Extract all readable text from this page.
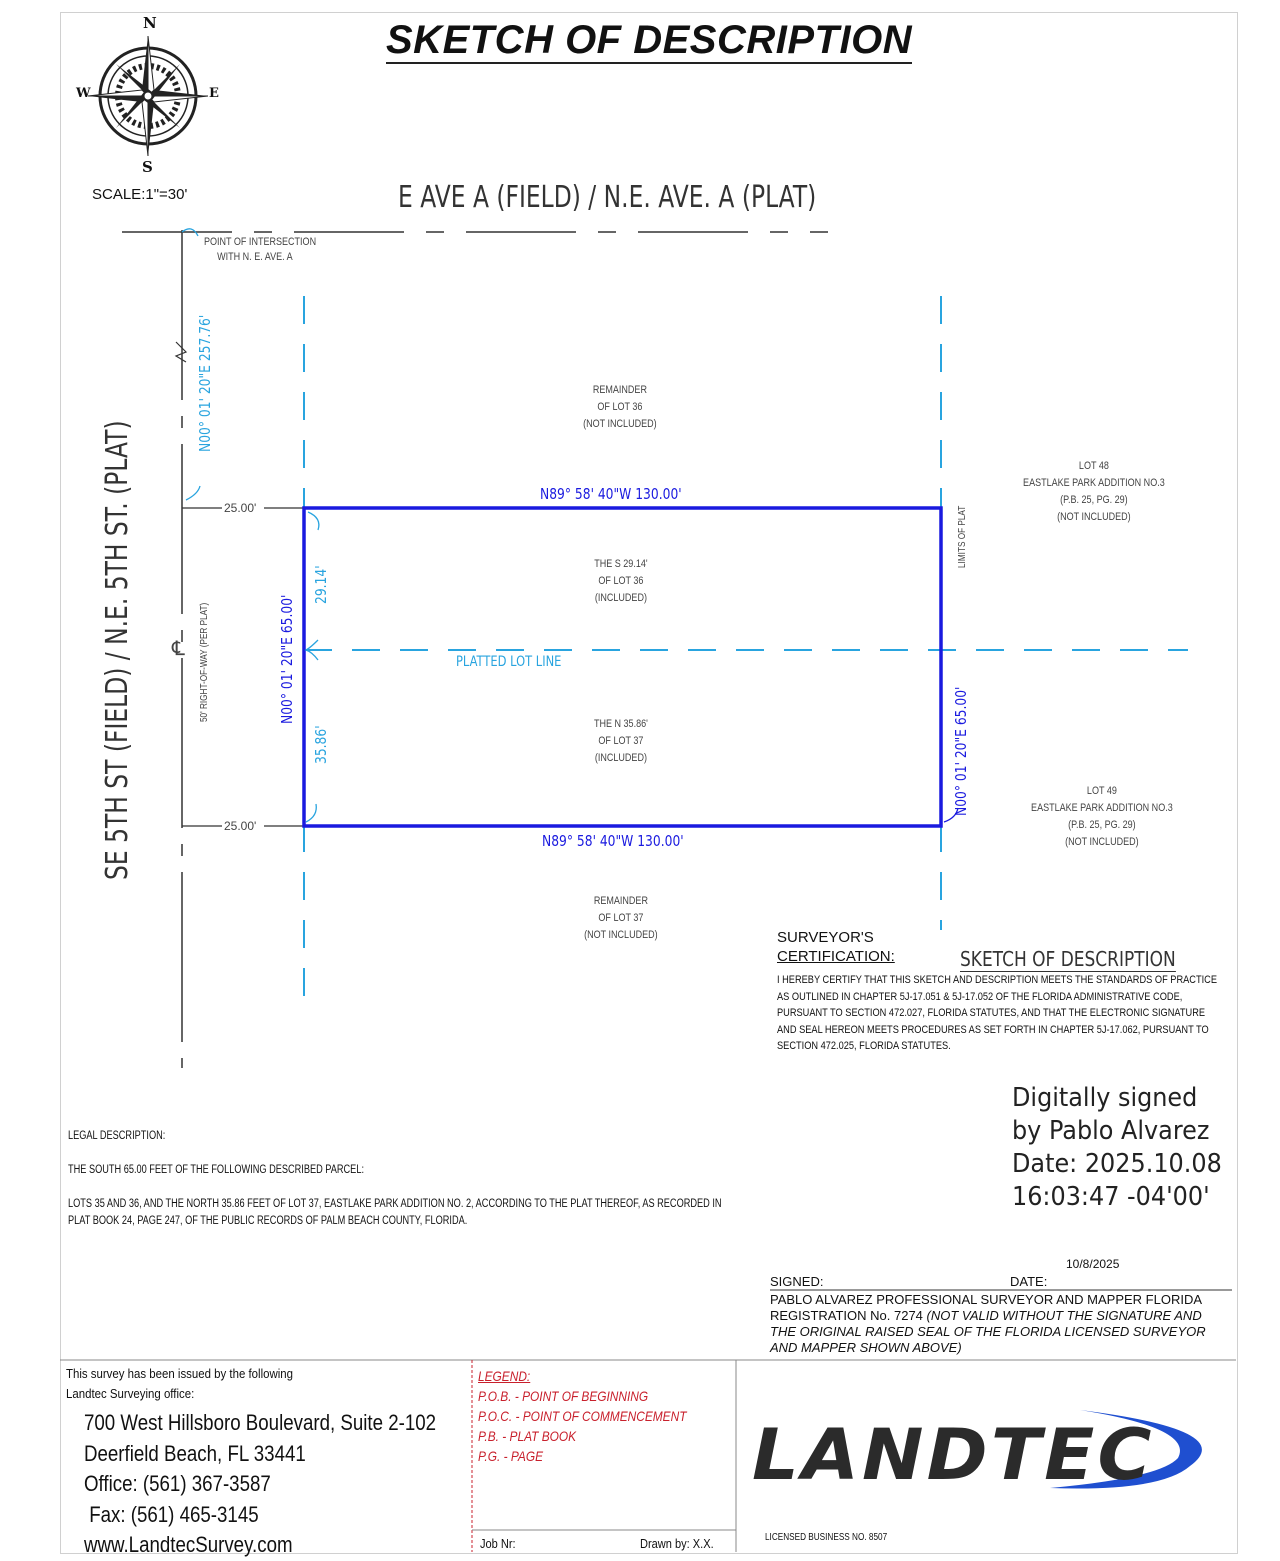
SKETCH OF DESCRIPTION
N
S
W	E
SCALE:1"=30'	E AVE A (FIELD) / N.E. AVE. A (PLAT)
SE 5TH ST (FIELD) / N.E. 5TH ST. (PLAT)
POINT OF INTERSECTION
WITH N. E. AVE. A
N00° 01' 20"E 257.76'
N89° 58' 40"W 130.00'
N89° 58' 40"W 130.00'
N00° 01' 20"E 65.00'
N00° 01' 20"E 65.00'
29.14'
35.86'
25.00'
25.00'
50' RIGHT-OF-WAY (PER PLAT)
LIMITS OF PLAT
PLATTED LOT LINE
℄
REMAINDER
OF LOT 36
(NOT INCLUDED)
THE S 29.14'
OF LOT 36
(INCLUDED)
THE N 35.86'
OF LOT 37
(INCLUDED)
REMAINDER
OF LOT 37
(NOT INCLUDED)
LOT 48
EASTLAKE PARK ADDITION NO.3
(P.B. 25, PG. 29)
(NOT INCLUDED)
LOT 49
EASTLAKE PARK ADDITION NO.3
(P.B. 25, PG. 29)
(NOT INCLUDED)
SURVEYOR'S
CERTIFICATION:	SKETCH OF DESCRIPTION
I HEREBY CERTIFY THAT THIS SKETCH AND DESCRIPTION MEETS THE STANDARDS OF PRACTICE AS OUTLINED IN CHAPTER 5J-17.051 & 5J-17.052 OF THE FLORIDA ADMINISTRATIVE CODE, PURSUANT TO SECTION 472.027, FLORIDA STATUTES, AND THAT THE ELECTRONIC SIGNATURE AND SEAL HEREON MEETS PROCEDURES AS SET FORTH IN CHAPTER 5J-17.062, PURSUANT TO SECTION 472.025, FLORIDA STATUTES.
Digitally signed
by Pablo Alvarez
Date: 2025.10.08
16:03:47 -04'00'
LEGAL DESCRIPTION:
THE SOUTH 65.00 FEET OF THE FOLLOWING DESCRIBED PARCEL:
LOTS 35 AND 36, AND THE NORTH 35.86 FEET OF LOT 37, EASTLAKE PARK ADDITION NO. 2, ACCORDING TO THE PLAT THEREOF, AS RECORDED IN PLAT BOOK 24, PAGE 247, OF THE PUBLIC RECORDS OF PALM BEACH COUNTY, FLORIDA.
10/8/2025
SIGNED:	DATE:
PABLO ALVAREZ PROFESSIONAL SURVEYOR AND MAPPER FLORIDA REGISTRATION No. 7274 (NOT VALID WITHOUT THE SIGNATURE AND THE ORIGINAL RAISED SEAL OF THE FLORIDA LICENSED SURVEYOR AND MAPPER SHOWN ABOVE)
This survey has been issued by the following
Landtec Surveying office:
700 West Hillsboro Boulevard, Suite 2-102
Deerfield Beach, FL 33441
Office: (561) 367-3587
Fax: (561) 465-3145
www.LandtecSurvey.com
LEGEND:
P.O.B. - POINT OF BEGINNING
P.O.C. - POINT OF COMMENCEMENT
P.B. - PLAT BOOK
P.G. - PAGE
Job Nr:	Drawn by: X.X.
LANDTEC
LICENSED BUSINESS NO. 8507
